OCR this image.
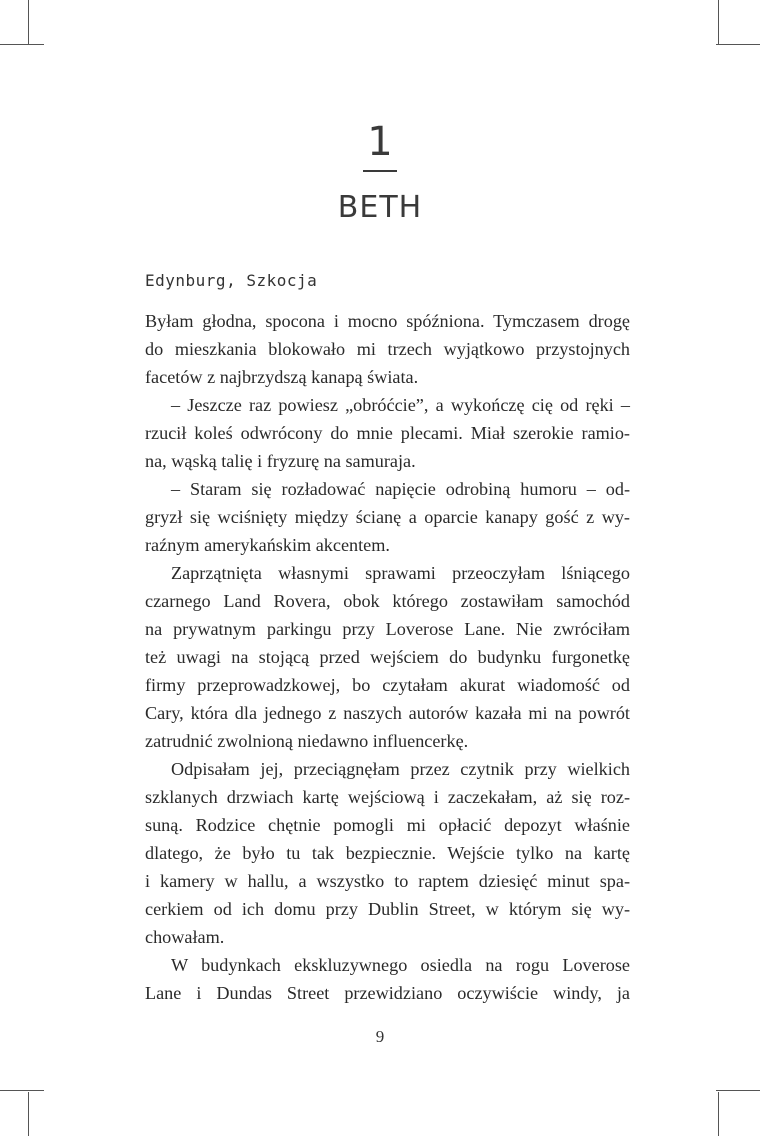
1
BETH
Edynburg, Szkocja
Byłam głodna, spocona i mocno spóźniona. Tymczasem drogę
do mieszkania blokowało mi trzech wyjątkowo przystojnych
facetów z najbrzydszą kanapą świata.
– Jeszcze raz powiesz „obróćcie”, a wykończę cię od ręki –
rzucił koleś odwrócony do mnie plecami. Miał szerokie ramio-
na, wąską talię i fryzurę na samuraja.
– Staram się rozładować napięcie odrobiną humoru – od-
gryzł się wciśnięty między ścianę a oparcie kanapy gość z wy-
raźnym amerykańskim akcentem.
Zaprzątnięta własnymi sprawami przeoczyłam lśniącego
czarnego Land Rovera, obok którego zostawiłam samochód
na prywatnym parkingu przy Loverose Lane. Nie zwróciłam
też uwagi na stojącą przed wejściem do budynku furgonetkę
firmy przeprowadzkowej, bo czytałam akurat wiadomość od
Cary, która dla jednego z naszych autorów kazała mi na powrót
zatrudnić zwolnioną niedawno influencerkę.
Odpisałam jej, przeciągnęłam przez czytnik przy wielkich
szklanych drzwiach kartę wejściową i zaczekałam, aż się roz-
suną. Rodzice chętnie pomogli mi opłacić depozyt właśnie
dlatego, że było tu tak bezpiecznie. Wejście tylko na kartę
i kamery w hallu, a wszystko to raptem dziesięć minut spa-
cerkiem od ich domu przy Dublin Street, w którym się wy-
chowałam.
W budynkach ekskluzywnego osiedla na rogu Loverose
Lane i Dundas Street przewidziano oczywiście windy, ja
9
